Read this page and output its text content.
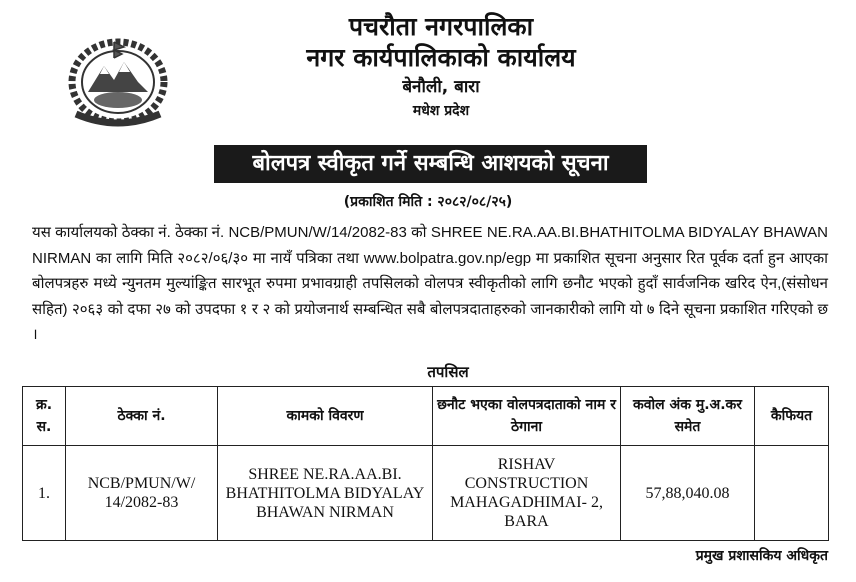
पचरौता नगरपालिका
नगर कार्यपालिकाको कार्यालय
बेनौली, बारा
मधेश प्रदेश
बोलपत्र स्वीकृत गर्ने सम्बन्धि आशयको सूचना
(प्रकाशित मिति : २०८२/०८/२५)

यस कार्यालयको ठेक्का नं. ठेक्का नं. NCB/PMUN/W/14/2082-83 को SHREE NE.RA.AA.BI.BHATHITOLMA BIDYALAY BHAWAN NIRMAN का लागि मिति २०८२/०६/३० मा नायँ पत्रिका तथा www.bolpatra.gov.np/egp मा प्रकाशित सूचना अनुसार रित पूर्वक दर्ता हुन आएका बोलपत्रहरु मध्ये न्युनतम मुल्यांङ्कित सारभूत रुपमा प्रभावग्राही तपसिलको वोलपत्र स्वीकृतीको लागि छनौट भएको हुदाँ सार्वजनिक खरिद ऐन,(संसोधन सहित) २०६३ को दफा २७ को उपदफा १ र २ को प्रयोजनार्थ सम्बन्धित सबै बोलपत्रदाताहरुको जानकारीको लागि यो ७ दिने सूचना प्रकाशित गरिएको छ ।

तपसिल
क्र. स.	ठेक्का नं.	कामको विवरण	छनौट भएका वोलपत्रदाताको नाम र ठेगाना	कवोल अंक मु.अ.कर समेत	कैफियत
1.	NCB/PMUN/W/ 14/2082-83	SHREE NE.RA.AA.BI. BHATHITOLMA BIDYALAY BHAWAN NIRMAN	RISHAV CONSTRUCTION MAHAGADHIMAI- 2, BARA	57,88,040.08	
प्रमुख प्रशासकिय अधिकृत
